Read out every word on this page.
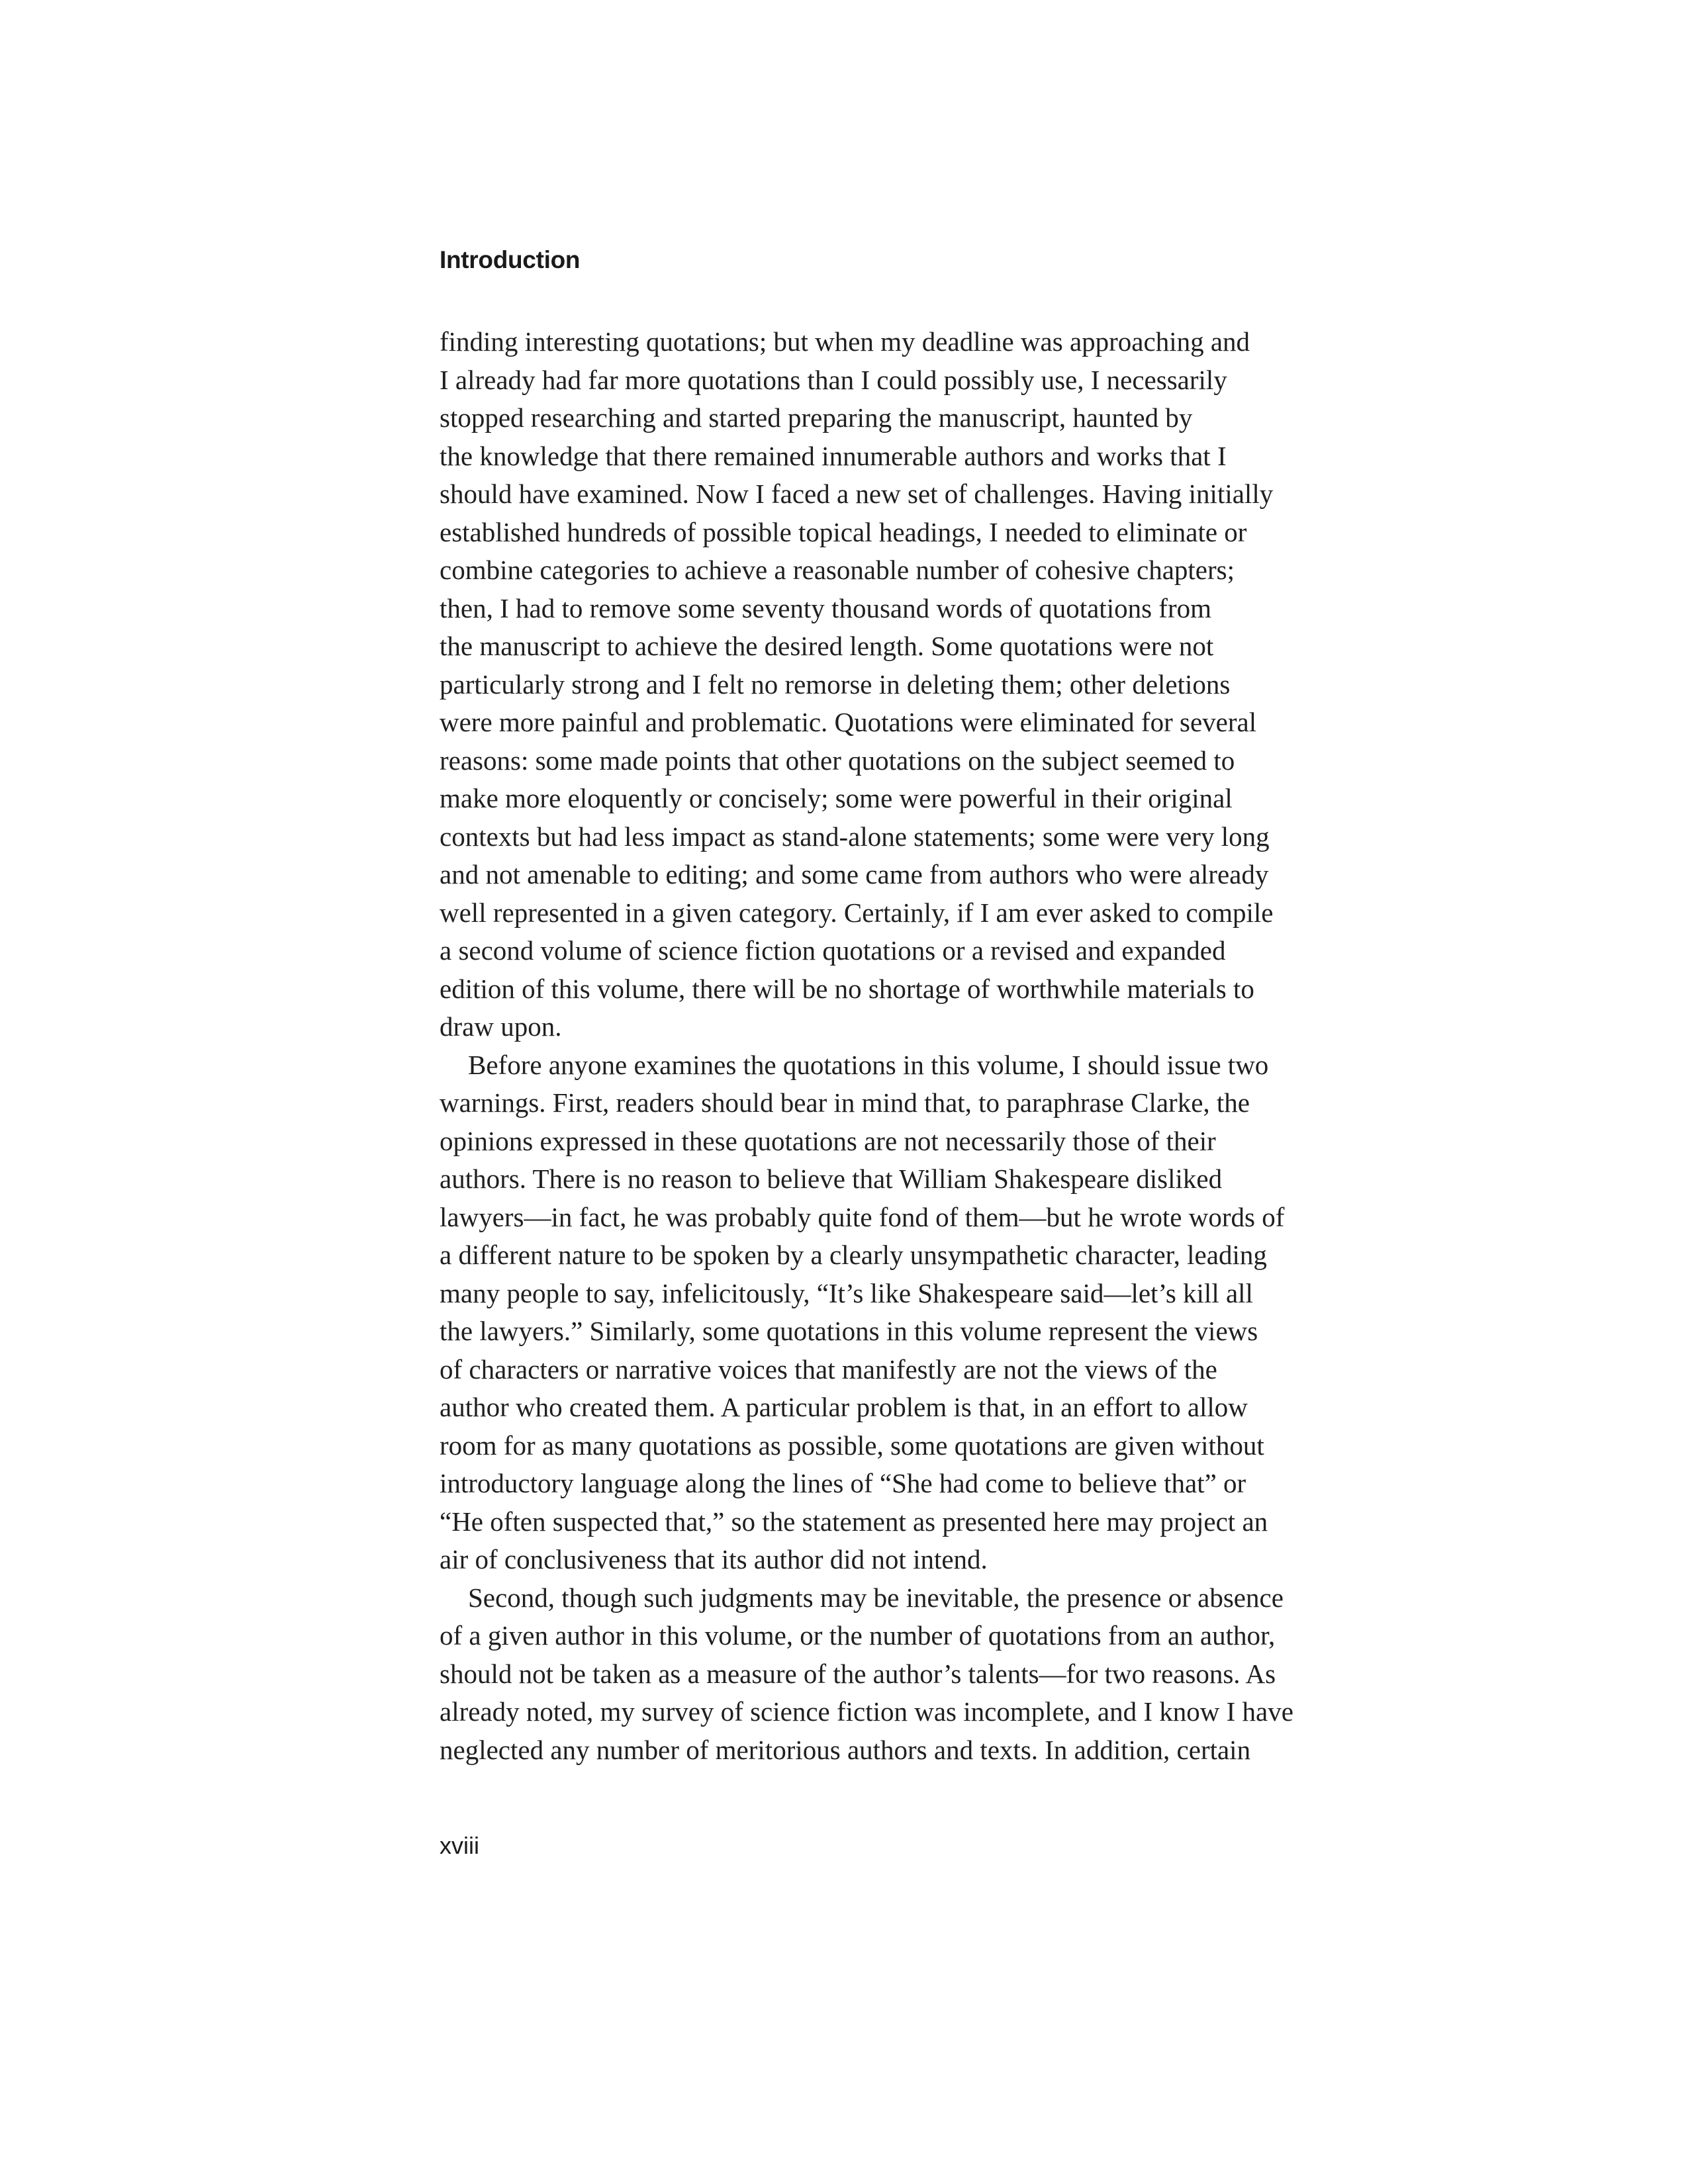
Introduction
finding interesting quotations; but when my deadline was approaching and
I already had far more quotations than I could possibly use, I necessarily
stopped researching and started preparing the manuscript, haunted by
the knowledge that there remained innumerable authors and works that I
should have examined. Now I faced a new set of challenges. Having initially
established hundreds of possible topical headings, I needed to eliminate or
combine categories to achieve a reasonable number of cohesive chapters;
then, I had to remove some seventy thousand words of quotations from
the manuscript to achieve the desired length. Some quotations were not
particularly strong and I felt no remorse in deleting them; other deletions
were more painful and problematic. Quotations were eliminated for several
reasons: some made points that other quotations on the subject seemed to
make more eloquently or concisely; some were powerful in their original
contexts but had less impact as stand-alone statements; some were very long
and not amenable to editing; and some came from authors who were already
well represented in a given category. Certainly, if I am ever asked to compile
a second volume of science fiction quotations or a revised and expanded
edition of this volume, there will be no shortage of worthwhile materials to
draw upon.
Before anyone examines the quotations in this volume, I should issue two
warnings. First, readers should bear in mind that, to paraphrase Clarke, the
opinions expressed in these quotations are not necessarily those of their
authors. There is no reason to believe that William Shakespeare disliked
lawyers—in fact, he was probably quite fond of them—but he wrote words of
a different nature to be spoken by a clearly unsympathetic character, leading
many people to say, infelicitously, “It’s like Shakespeare said—let’s kill all
the lawyers.” Similarly, some quotations in this volume represent the views
of characters or narrative voices that manifestly are not the views of the
author who created them. A particular problem is that, in an effort to allow
room for as many quotations as possible, some quotations are given without
introductory language along the lines of “She had come to believe that” or
“He often suspected that,” so the statement as presented here may project an
air of conclusiveness that its author did not intend.
Second, though such judgments may be inevitable, the presence or absence
of a given author in this volume, or the number of quotations from an author,
should not be taken as a measure of the author’s talents—for two reasons. As
already noted, my survey of science fiction was incomplete, and I know I have
neglected any number of meritorious authors and texts. In addition, certain
xviii
